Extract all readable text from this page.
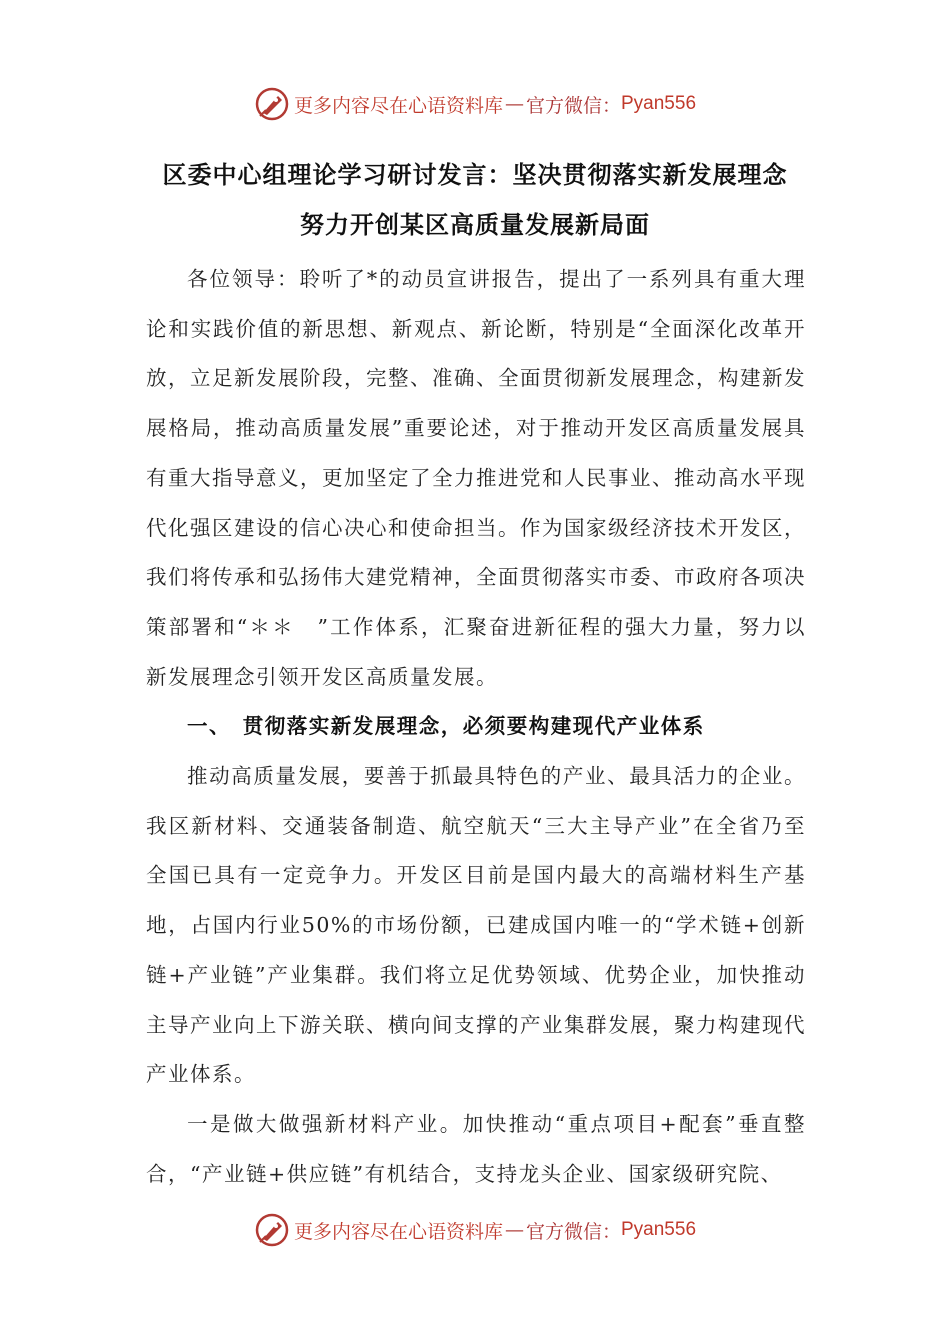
更多内容尽在心语资料库 — 官方微信： Pyan556
区委中心组理论学习研讨发言：坚决贯彻落实新发展理念
努力开创某区高质量发展新局面

各位领导：聆听了*的动员宣讲报告，提出了一系列具有重大理论和实践价值的新思想、新观点、新论断，特别是“全面深化改革开放，立足新发展阶段，完整、准确、全面贯彻新发展理念，构建新发展格局，推动高质量发展”重要论述，对于推动开发区高质量发展具有重大指导意义，更加坚定了全力推进党和人民事业、推动高水平现代化强区建设的信心决心和使命担当。作为国家级经济技术开发区，我们将传承和弘扬伟大建党精神，全面贯彻落实市委、市政府各项决策部署和“＊＊　”工作体系，汇聚奋进新征程的强大力量，努力以新发展理念引领开发区高质量发展。

一、　贯彻落实新发展理念，必须要构建现代产业体系

推动高质量发展，要善于抓最具特色的产业、最具活力的企业。我区新材料、交通装备制造、航空航天“三大主导产业”在全省乃至全国已具有一定竞争力。开发区目前是国内最大的高端材料生产基地，占国内行业50%的市场份额，已建成国内唯一的“学术链+创新链+产业链”产业集群。我们将立足优势领域、优势企业，加快推动主导产业向上下游关联、横向间支撑的产业集群发展，聚力构建现代产业体系。

一是做大做强新材料产业。加快推动“重点项目+配套”垂直整合，“产业链+供应链”有机结合，支持龙头企业、国家级研究院、

更多内容尽在心语资料库 — 官方微信： Pyan556
